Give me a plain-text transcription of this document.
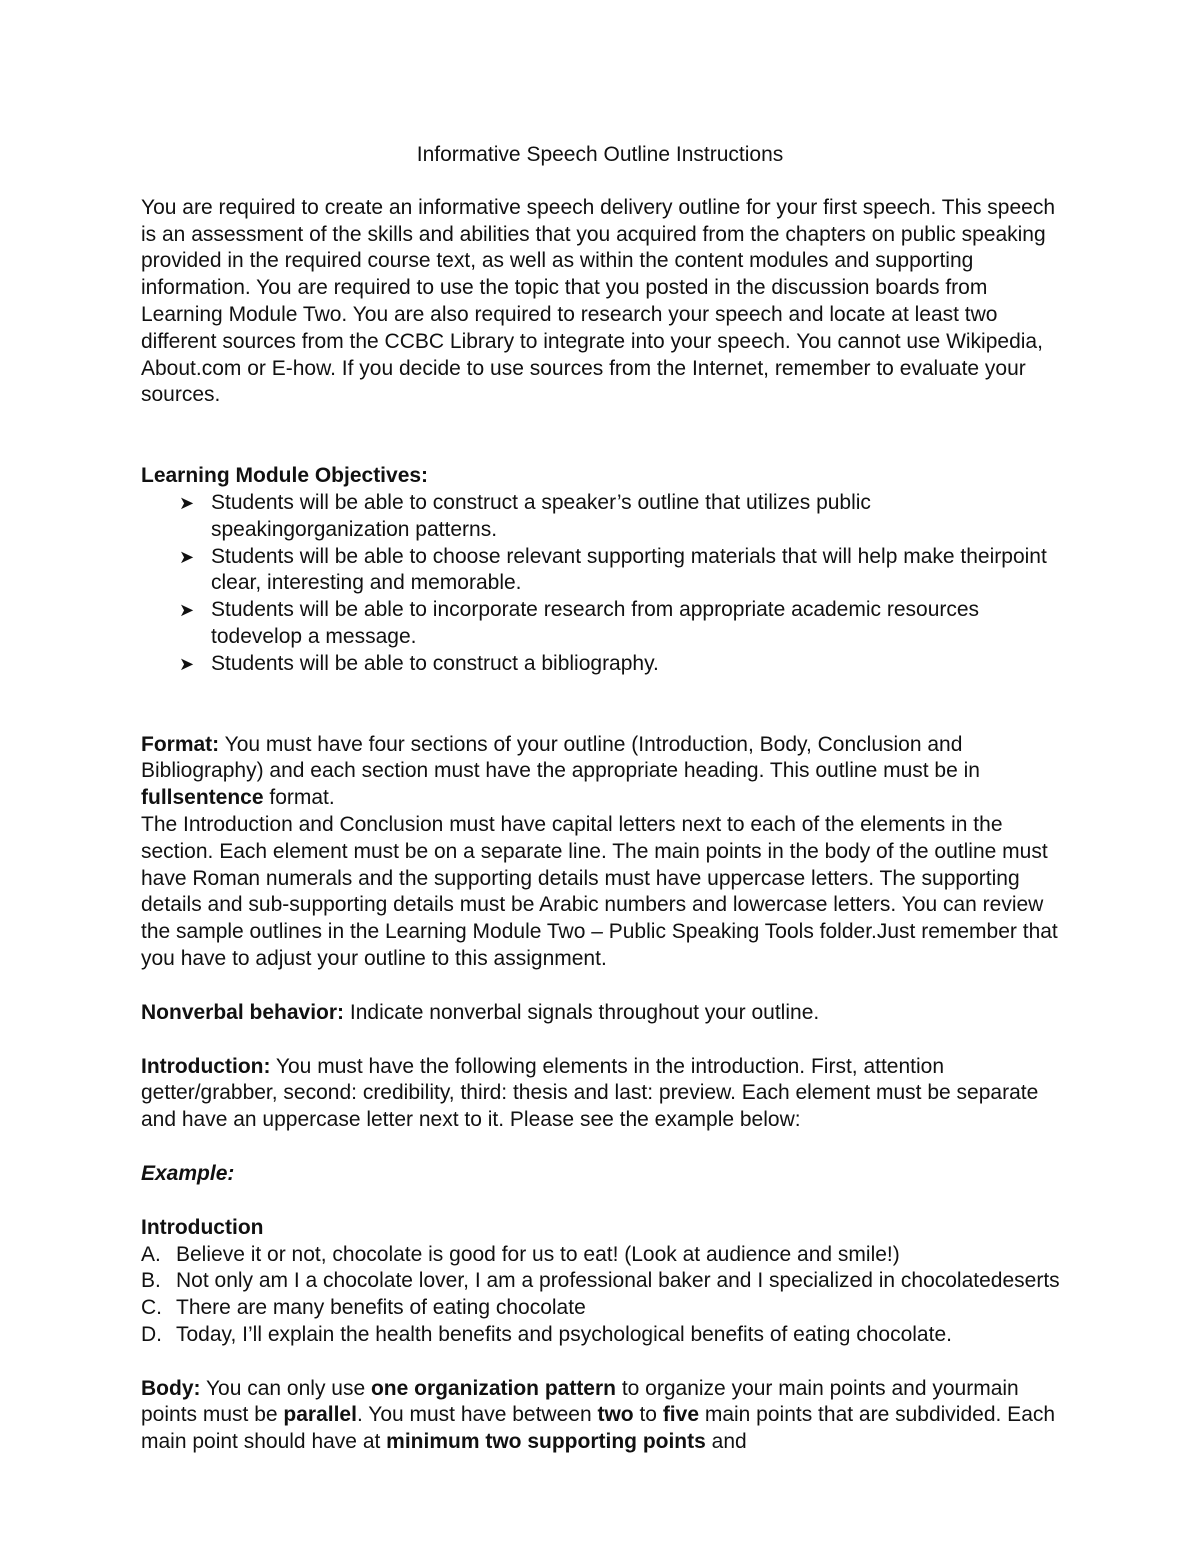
Informative Speech Outline Instructions

You are required to create an informative speech delivery outline for your first speech. This speech is an assessment of the skills and abilities that you acquired from the chapters on public speaking provided in the required course text, as well as within the content modules and supporting information. You are required to use the topic that you posted in the discussion boards from Learning Module Two. You are also required to research your speech and locate at least two different sources from the CCBC Library to integrate into your speech. You cannot use Wikipedia, About.com or E-how. If you decide to use sources from the Internet, remember to evaluate your sources.

Learning Module Objectives:

➤ Students will be able to construct a speaker’s outline that utilizes public speakingorganization patterns.
➤ Students will be able to choose relevant supporting materials that will help make theirpoint clear, interesting and memorable.
➤ Students will be able to incorporate research from appropriate academic resources todevelop a message.
➤ Students will be able to construct a bibliography.

Format: You must have four sections of your outline (Introduction, Body, Conclusion and Bibliography) and each section must have the appropriate heading. This outline must be in fullsentence format.

The Introduction and Conclusion must have capital letters next to each of the elements in the section. Each element must be on a separate line. The main points in the body of the outline must have Roman numerals and the supporting details must have uppercase letters. The supporting details and sub-supporting details must be Arabic numbers and lowercase letters. You can review the sample outlines in the Learning Module Two – Public Speaking Tools folder.Just remember that you have to adjust your outline to this assignment.

Nonverbal behavior: Indicate nonverbal signals throughout your outline.

Introduction: You must have the following elements in the introduction. First, attention getter/grabber, second: credibility, third: thesis and last: preview. Each element must be separate and have an uppercase letter next to it. Please see the example below:

Example:

Introduction

A. Believe it or not, chocolate is good for us to eat! (Look at audience and smile!)
B. Not only am I a chocolate lover, I am a professional baker and I specialized in chocolatedeserts
C. There are many benefits of eating chocolate
D. Today, I’ll explain the health benefits and psychological benefits of eating chocolate.

Body: You can only use one organization pattern to organize your main points and yourmain points must be parallel. You must have between two to five main points that are subdivided. Each main point should have at minimum two supporting points and
